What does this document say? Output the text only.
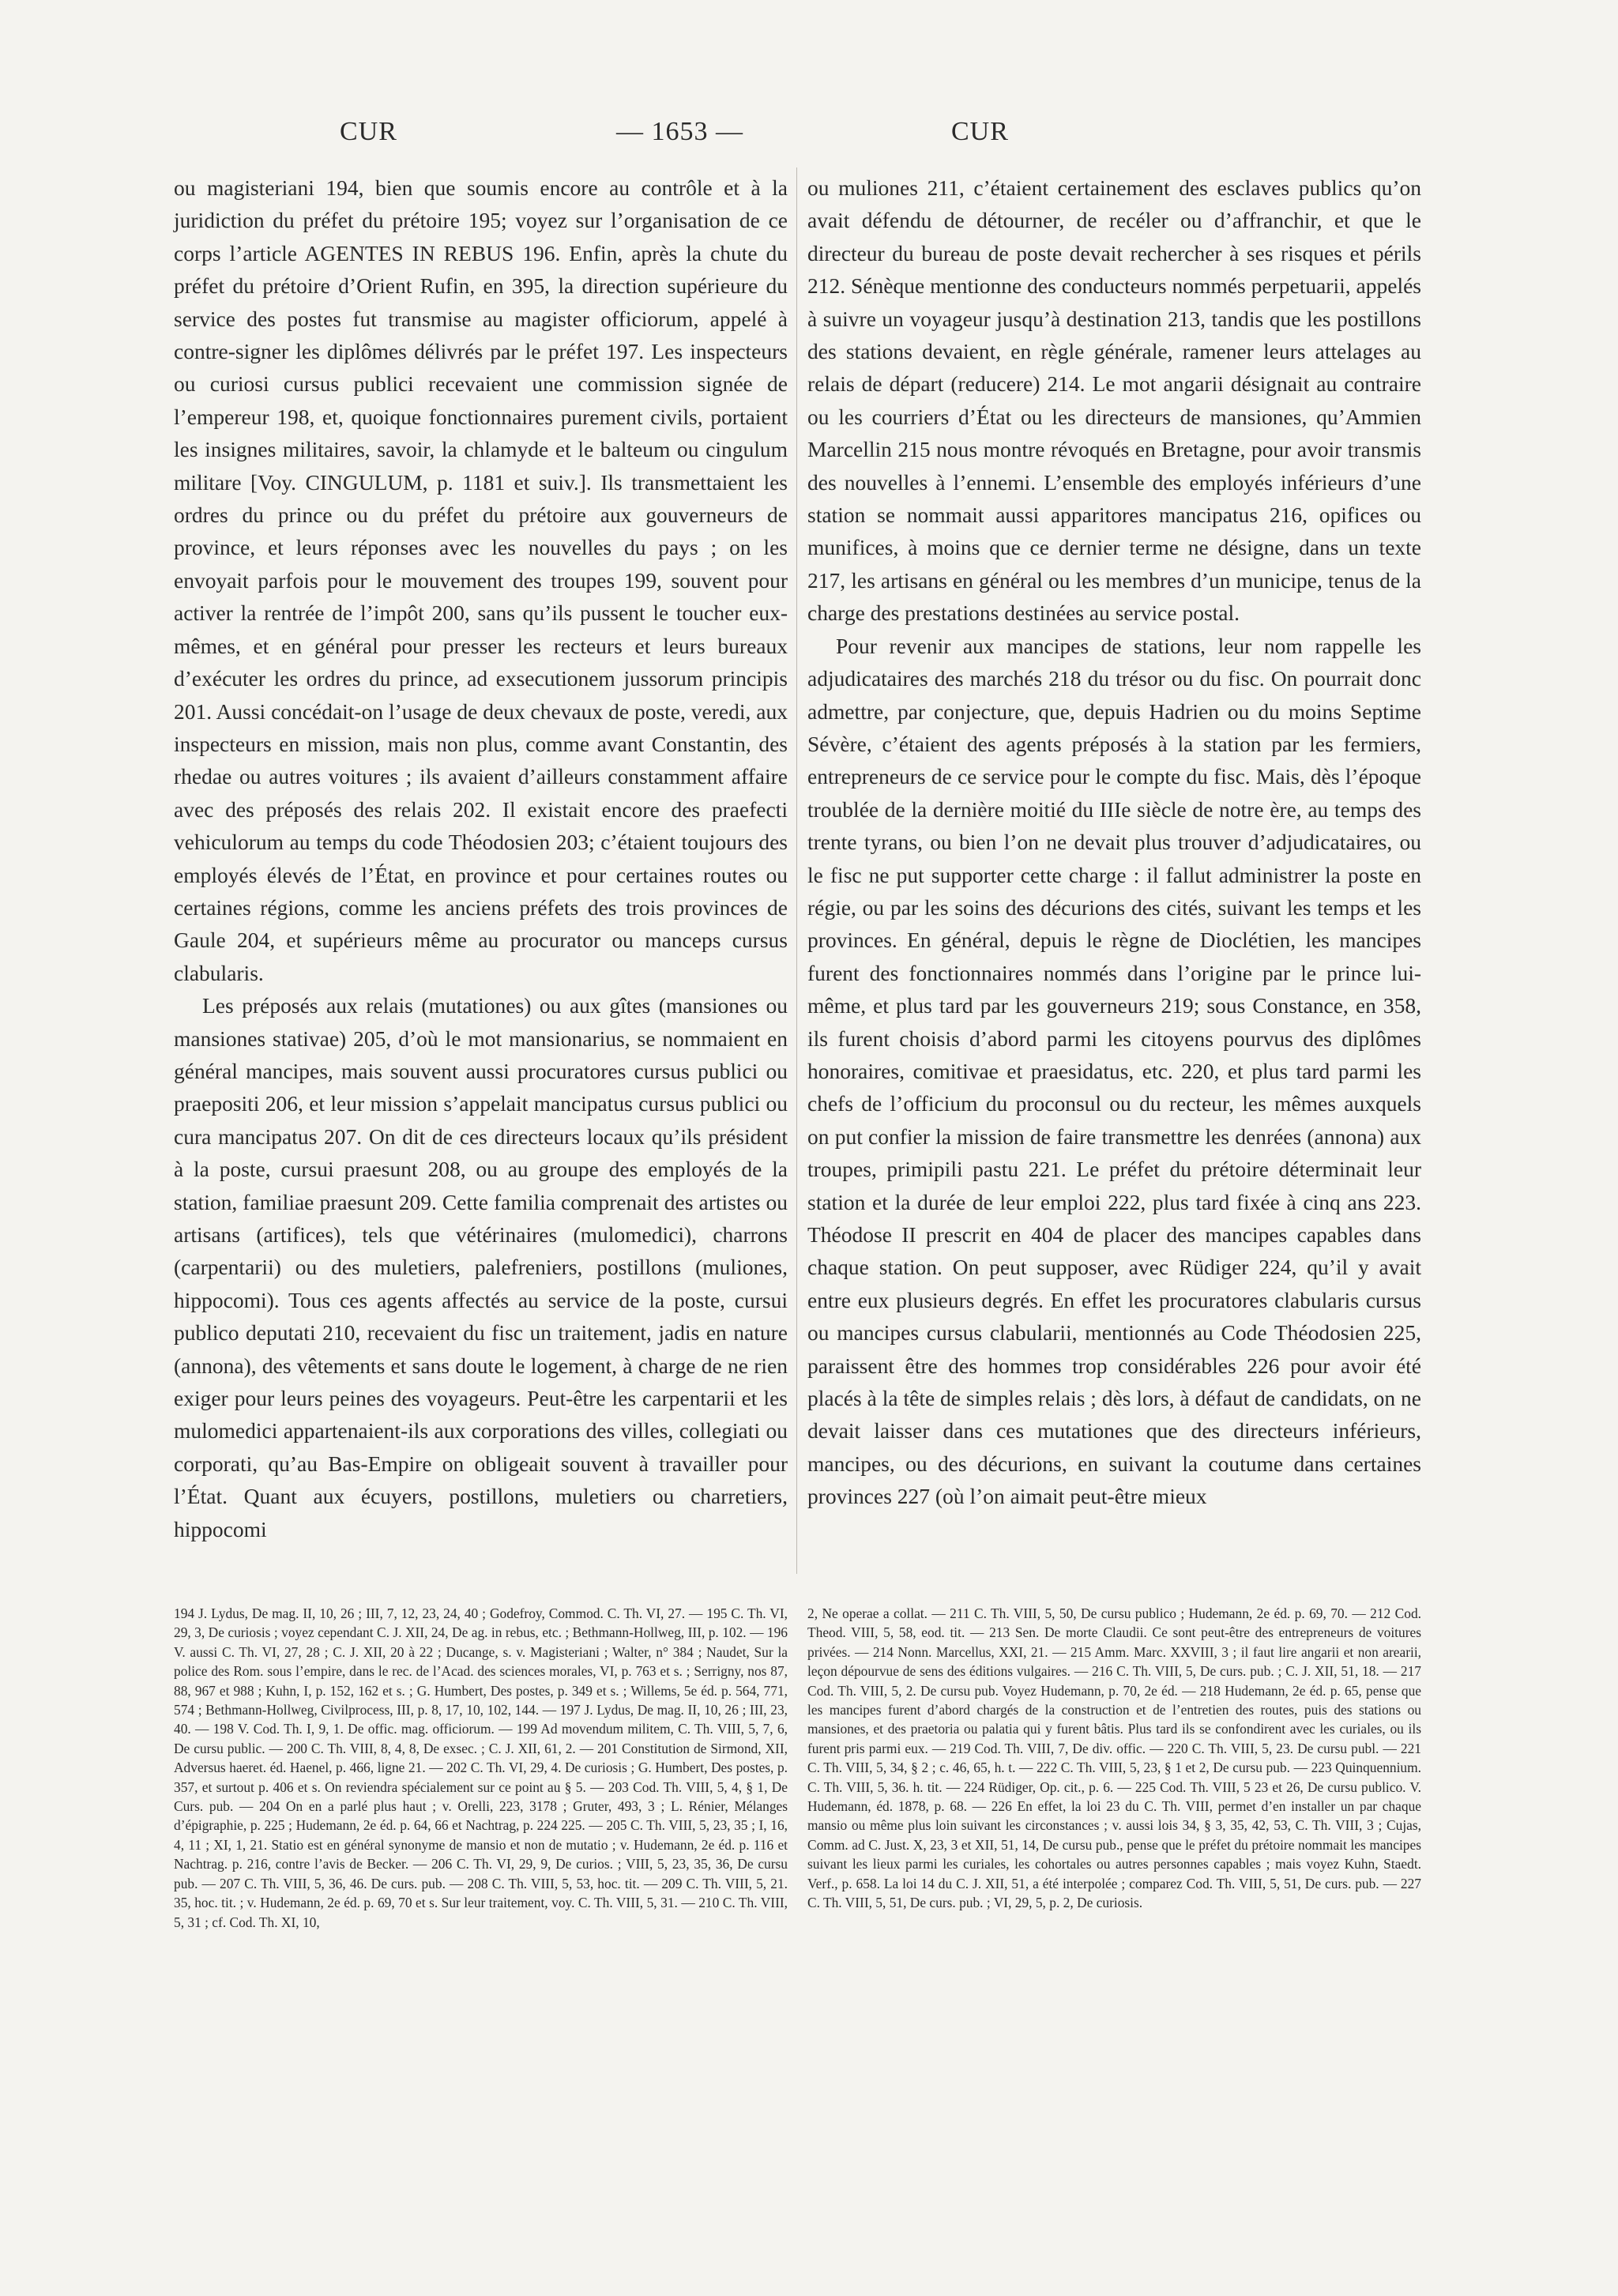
CUR	— 1653 —	CUR

ou magisteriani 194, bien que soumis encore au contrôle et à la juridiction du préfet du prétoire 195; voyez sur l’organisation de ce corps l’article AGENTES IN REBUS 196. Enfin, après la chute du préfet du prétoire d’Orient Rufin, en 395, la direction supérieure du service des postes fut transmise au magister officiorum, appelé à contre-signer les diplômes délivrés par le préfet 197. Les inspecteurs ou curiosi cursus publici recevaient une commission signée de l’empereur 198, et, quoique fonctionnaires purement civils, portaient les insignes militaires, savoir, la chlamyde et le balteum ou cingulum militare [Voy. CINGULUM, p. 1181 et suiv.]. Ils transmettaient les ordres du prince ou du préfet du prétoire aux gouverneurs de province, et leurs réponses avec les nouvelles du pays ; on les envoyait parfois pour le mouvement des troupes 199, souvent pour activer la rentrée de l’impôt 200, sans qu’ils pussent le toucher eux-mêmes, et en général pour presser les recteurs et leurs bureaux d’exécuter les ordres du prince, ad exsecutionem jussorum principis 201. Aussi concédait-on l’usage de deux chevaux de poste, veredi, aux inspecteurs en mission, mais non plus, comme avant Constantin, des rhedae ou autres voitures ; ils avaient d’ailleurs constamment affaire avec des préposés des relais 202. Il existait encore des praefecti vehiculorum au temps du code Théodosien 203; c’étaient toujours des employés élevés de l’État, en province et pour certaines routes ou certaines régions, comme les anciens préfets des trois provinces de Gaule 204, et supérieurs même au procurator ou manceps cursus clabularis.

Les préposés aux relais (mutationes) ou aux gîtes (mansiones ou mansiones stativae) 205, d’où le mot mansionarius, se nommaient en général mancipes, mais souvent aussi procuratores cursus publici ou praepositi 206, et leur mission s’appelait mancipatus cursus publici ou cura mancipatus 207. On dit de ces directeurs locaux qu’ils président à la poste, cursui praesunt 208, ou au groupe des employés de la station, familiae praesunt 209. Cette familia comprenait des artistes ou artisans (artifices), tels que vétérinaires (mulomedici), charrons (carpentarii) ou des muletiers, palefreniers, postillons (muliones, hippocomi). Tous ces agents affectés au service de la poste, cursui publico deputati 210, recevaient du fisc un traitement, jadis en nature (annona), des vêtements et sans doute le logement, à charge de ne rien exiger pour leurs peines des voyageurs. Peut-être les carpentarii et les mulomedici appartenaient-ils aux corporations des villes, collegiati ou corporati, qu’au Bas-Empire on obligeait souvent à travailler pour l’État. Quant aux écuyers, postillons, muletiers ou charretiers, hippocomi

ou muliones 211, c’étaient certainement des esclaves publics qu’on avait défendu de détourner, de recéler ou d’affranchir, et que le directeur du bureau de poste devait rechercher à ses risques et périls 212. Sénèque mentionne des conducteurs nommés perpetuarii, appelés à suivre un voyageur jusqu’à destination 213, tandis que les postillons des stations devaient, en règle générale, ramener leurs attelages au relais de départ (reducere) 214. Le mot angarii désignait au contraire ou les courriers d’État ou les directeurs de mansiones, qu’Ammien Marcellin 215 nous montre révoqués en Bretagne, pour avoir transmis des nouvelles à l’ennemi. L’ensemble des employés inférieurs d’une station se nommait aussi apparitores mancipatus 216, opifices ou munifices, à moins que ce dernier terme ne désigne, dans un texte 217, les artisans en général ou les membres d’un municipe, tenus de la charge des prestations destinées au service postal.

Pour revenir aux mancipes de stations, leur nom rappelle les adjudicataires des marchés 218 du trésor ou du fisc. On pourrait donc admettre, par conjecture, que, depuis Hadrien ou du moins Septime Sévère, c’étaient des agents préposés à la station par les fermiers, entrepreneurs de ce service pour le compte du fisc. Mais, dès l’époque troublée de la dernière moitié du IIIe siècle de notre ère, au temps des trente tyrans, ou bien l’on ne devait plus trouver d’adjudicataires, ou le fisc ne put supporter cette charge : il fallut administrer la poste en régie, ou par les soins des décurions des cités, suivant les temps et les provinces. En général, depuis le règne de Dioclétien, les mancipes furent des fonctionnaires nommés dans l’origine par le prince lui-même, et plus tard par les gouverneurs 219; sous Constance, en 358, ils furent choisis d’abord parmi les citoyens pourvus des diplômes honoraires, comitivae et praesidatus, etc. 220, et plus tard parmi les chefs de l’officium du proconsul ou du recteur, les mêmes auxquels on put confier la mission de faire transmettre les denrées (annona) aux troupes, primipili pastu 221. Le préfet du prétoire déterminait leur station et la durée de leur emploi 222, plus tard fixée à cinq ans 223. Théodose II prescrit en 404 de placer des mancipes capables dans chaque station. On peut supposer, avec Rüdiger 224, qu’il y avait entre eux plusieurs degrés. En effet les procuratores clabularis cursus ou mancipes cursus clabularii, mentionnés au Code Théodosien 225, paraissent être des hommes trop considérables 226 pour avoir été placés à la tête de simples relais ; dès lors, à défaut de candidats, on ne devait laisser dans ces mutationes que des directeurs inférieurs, mancipes, ou des décurions, en suivant la coutume dans certaines provinces 227 (où l’on aimait peut-être mieux

194 J. Lydus, De mag. II, 10, 26 ; III, 7, 12, 23, 24, 40 ; Godefroy, Commod. C. Th. VI, 27. — 195 C. Th. VI, 29, 3, De curiosis ; voyez cependant C. J. XII, 24, De ag. in rebus, etc. ; Bethmann-Hollweg, III, p. 102. — 196 V. aussi C. Th. VI, 27, 28 ; C. J. XII, 20 à 22 ; Ducange, s. v. Magisteriani ; Walter, n° 384 ; Naudet, Sur la police des Rom. sous l’empire, dans le rec. de l’Acad. des sciences morales, VI, p. 763 et s. ; Serrigny, nos 87, 88, 967 et 988 ; Kuhn, I, p. 152, 162 et s. ; G. Humbert, Des postes, p. 349 et s. ; Willems, 5e éd. p. 564, 771, 574 ; Bethmann-Hollweg, Civilprocess, III, p. 8, 17, 10, 102, 144. — 197 J. Lydus, De mag. II, 10, 26 ; III, 23, 40. — 198 V. Cod. Th. I, 9, 1. De offic. mag. officiorum. — 199 Ad movendum militem, C. Th. VIII, 5, 7, 6, De cursu public. — 200 C. Th. VIII, 8, 4, 8, De exsec. ; C. J. XII, 61, 2. — 201 Constitution de Sirmond, XII, Adversus haeret. éd. Haenel, p. 466, ligne 21. — 202 C. Th. VI, 29, 4. De curiosis ; G. Humbert, Des postes, p. 357, et surtout p. 406 et s. On reviendra spécialement sur ce point au § 5. — 203 Cod. Th. VIII, 5, 4, § 1, De Curs. pub. — 204 On en a parlé plus haut ; v. Orelli, 223, 3178 ; Gruter, 493, 3 ; L. Rénier, Mélanges d’épigraphie, p. 225 ; Hudemann, 2e éd. p. 64, 66 et Nachtrag, p. 224 225. — 205 C. Th. VIII, 5, 23, 35 ; I, 16, 4, 11 ; XI, 1, 21. Statio est en général synonyme de mansio et non de mutatio ; v. Hudemann, 2e éd. p. 116 et Nachtrag. p. 216, contre l’avis de Becker. — 206 C. Th. VI, 29, 9, De curios. ; VIII, 5, 23, 35, 36, De cursu pub. — 207 C. Th. VIII, 5, 36, 46. De curs. pub. — 208 C. Th. VIII, 5, 53, hoc. tit. — 209 C. Th. VIII, 5, 21. 35, hoc. tit. ; v. Hudemann, 2e éd. p. 69, 70 et s. Sur leur traitement, voy. C. Th. VIII, 5, 31. — 210 C. Th. VIII, 5, 31 ; cf. Cod. Th. XI, 10,
2, Ne operae a collat. — 211 C. Th. VIII, 5, 50, De cursu publico ; Hudemann, 2e éd. p. 69, 70. — 212 Cod. Theod. VIII, 5, 58, eod. tit. — 213 Sen. De morte Claudii. Ce sont peut-être des entrepreneurs de voitures privées. — 214 Nonn. Marcellus, XXI, 21. — 215 Amm. Marc. XXVIII, 3 ; il faut lire angarii et non arearii, leçon dépourvue de sens des éditions vulgaires. — 216 C. Th. VIII, 5, De curs. pub. ; C. J. XII, 51, 18. — 217 Cod. Th. VIII, 5, 2. De cursu pub. Voyez Hudemann, p. 70, 2e éd. — 218 Hudemann, 2e éd. p. 65, pense que les mancipes furent d’abord chargés de la construction et de l’entretien des routes, puis des stations ou mansiones, et des praetoria ou palatia qui y furent bâtis. Plus tard ils se confondirent avec les curiales, ou ils furent pris parmi eux. — 219 Cod. Th. VIII, 7, De div. offic. — 220 C. Th. VIII, 5, 23. De cursu publ. — 221 C. Th. VIII, 5, 34, § 2 ; c. 46, 65, h. t. — 222 C. Th. VIII, 5, 23, § 1 et 2, De cursu pub. — 223 Quinquennium. C. Th. VIII, 5, 36. h. tit. — 224 Rüdiger, Op. cit., p. 6. — 225 Cod. Th. VIII, 5 23 et 26, De cursu publico. V. Hudemann, éd. 1878, p. 68. — 226 En effet, la loi 23 du C. Th. VIII, permet d’en installer un par chaque mansio ou même plus loin suivant les circonstances ; v. aussi lois 34, § 3, 35, 42, 53, C. Th. VIII, 3 ; Cujas, Comm. ad C. Just. X, 23, 3 et XII, 51, 14, De cursu pub., pense que le préfet du prétoire nommait les mancipes suivant les lieux parmi les curiales, les cohortales ou autres personnes capables ; mais voyez Kuhn, Staedt. Verf., p. 658. La loi 14 du C. J. XII, 51, a été interpolée ; comparez Cod. Th. VIII, 5, 51, De curs. pub. — 227 C. Th. VIII, 5, 51, De curs. pub. ; VI, 29, 5, p. 2, De curiosis.
